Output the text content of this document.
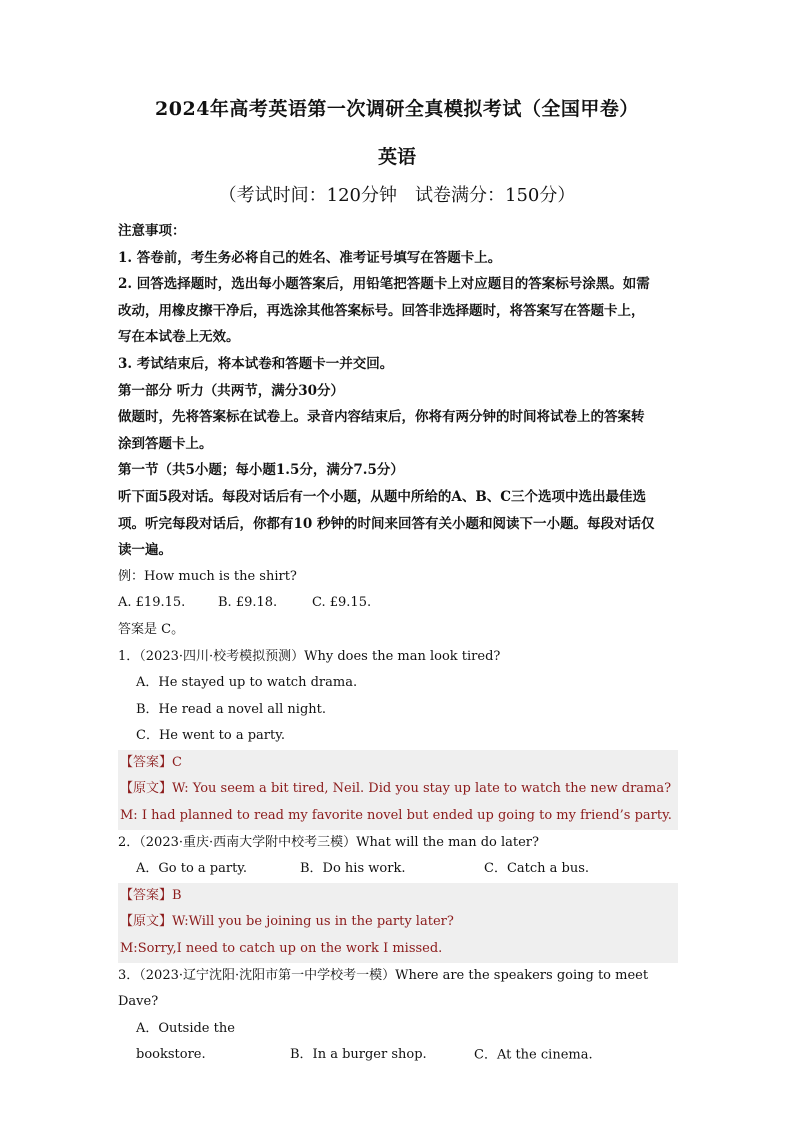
2024年高考英语第一次调研全真模拟考试（全国甲卷）
英语
（考试时间：120分钟　试卷满分：150分）

注意事项：

1. 答卷前，考生务必将自己的姓名、准考证号填写在答题卡上。

2. 回答选择题时，选出每小题答案后，用铅笔把答题卡上对应题目的答案标号涂黑。如需

改动，用橡皮擦干净后，再选涂其他答案标号。回答非选择题时，将答案写在答题卡上，

写在本试卷上无效。

3. 考试结束后，将本试卷和答题卡一并交回。

第一部分 听力（共两节，满分30分）

做题时，先将答案标在试卷上。录音内容结束后，你将有两分钟的时间将试卷上的答案转

涂到答题卡上。

第一节（共5小题；每小题1.5分，满分7.5分）

听下面5段对话。每段对话后有一个小题，从题中所给的A、B、C三个选项中选出最佳选

项。听完每段对话后，你都有10 秒钟的时间来回答有关小题和阅读下一小题。每段对话仅

读一遍。

例：How much is the shirt?

A. £19.15.	B. £9.18.	C. £9.15.

答案是 C。

1．（2023·四川·校考模拟预测）Why does the man look tired?

A．He stayed up to watch drama.

B．He read a novel all night.

C．He went to a party.

【答案】C

【原文】W: You seem a bit tired, Neil. Did you stay up late to watch the new drama?

M: I had planned to read my favorite novel but ended up going to my friend’s party.

2．（2023·重庆·西南大学附中校考三模）What will the man do later?

A．Go to a party.	B．Do his work.	C．Catch a bus.

【答案】B

【原文】W:Will you be joining us in the party later?

M:Sorry,I need to catch up on the work I missed.

3．（2023·辽宁沈阳·沈阳市第一中学校考一模）Where are the speakers going to meet Dave?

A．Outside the bookstore.	B．In a burger shop.	C．At the cinema.
